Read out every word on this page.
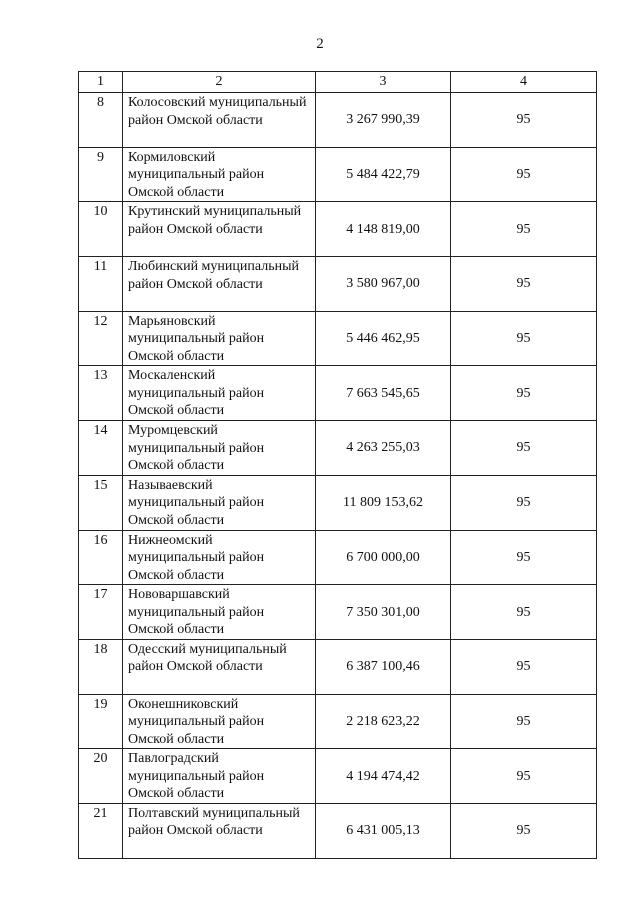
2
1	2	3	4
8	Колосовский муниципальный район Омской области	3 267 990,39	95
9	Кормиловский муниципальный район Омской области	5 484 422,79	95
10	Крутинский муниципальный район Омской области	4 148 819,00	95
11	Любинский муниципальный район Омской области	3 580 967,00	95
12	Марьяновский муниципальный район Омской области	5 446 462,95	95
13	Москаленский муниципальный район Омской области	7 663 545,65	95
14	Муромцевский муниципальный район Омской области	4 263 255,03	95
15	Называевский муниципальный район Омской области	11 809 153,62	95
16	Нижнеомский муниципальный район Омской области	6 700 000,00	95
17	Нововаршавский муниципальный район Омской области	7 350 301,00	95
18	Одесский муниципальный район Омской области	6 387 100,46	95
19	Оконешниковский муниципальный район Омской области	2 218 623,22	95
20	Павлоградский муниципальный район Омской области	4 194 474,42	95
21	Полтавский муниципальный район Омской области	6 431 005,13	95
